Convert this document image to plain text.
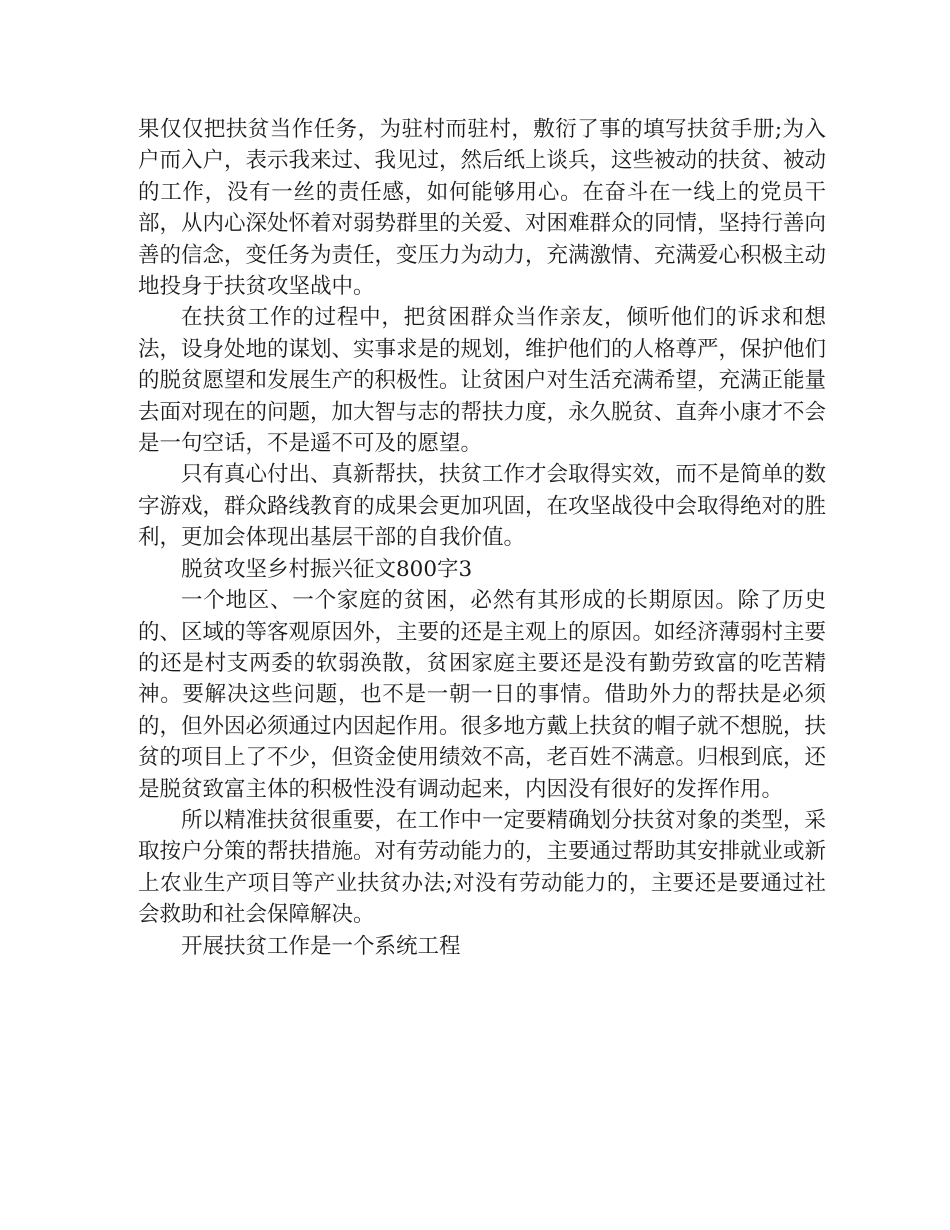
果仅仅把扶贫当作任务，为驻村而驻村，敷衍了事的填写扶贫手册;为入户而入户，表示我来过、我见过，然后纸上谈兵，这些被动的扶贫、被动的工作，没有一丝的责任感，如何能够用心。在奋斗在一线上的党员干部，从内心深处怀着对弱势群里的关爱、对困难群众的同情，坚持行善向善的信念，变任务为责任，变压力为动力，充满激情、充满爱心积极主动地投身于扶贫攻坚战中。

在扶贫工作的过程中，把贫困群众当作亲友，倾听他们的诉求和想法，设身处地的谋划、实事求是的规划，维护他们的人格尊严，保护他们的脱贫愿望和发展生产的积极性。让贫困户对生活充满希望，充满正能量去面对现在的问题，加大智与志的帮扶力度，永久脱贫、直奔小康才不会是一句空话，不是遥不可及的愿望。

只有真心付出、真新帮扶，扶贫工作才会取得实效，而不是简单的数字游戏，群众路线教育的成果会更加巩固，在攻坚战役中会取得绝对的胜利，更加会体现出基层干部的自我价值。

脱贫攻坚乡村振兴征文800字3

一个地区、一个家庭的贫困，必然有其形成的长期原因。除了历史的、区域的等客观原因外，主要的还是主观上的原因。如经济薄弱村主要的还是村支两委的软弱涣散，贫困家庭主要还是没有勤劳致富的吃苦精神。要解决这些问题，也不是一朝一日的事情。借助外力的帮扶是必须的，但外因必须通过内因起作用。很多地方戴上扶贫的帽子就不想脱，扶贫的项目上了不少，但资金使用绩效不高，老百姓不满意。归根到底，还是脱贫致富主体的积极性没有调动起来，内因没有很好的发挥作用。

所以精准扶贫很重要，在工作中一定要精确划分扶贫对象的类型，采取按户分策的帮扶措施。对有劳动能力的，主要通过帮助其安排就业或新上农业生产项目等产业扶贫办法;对没有劳动能力的，主要还是要通过社会救助和社会保障解决。

开展扶贫工作是一个系统工程
